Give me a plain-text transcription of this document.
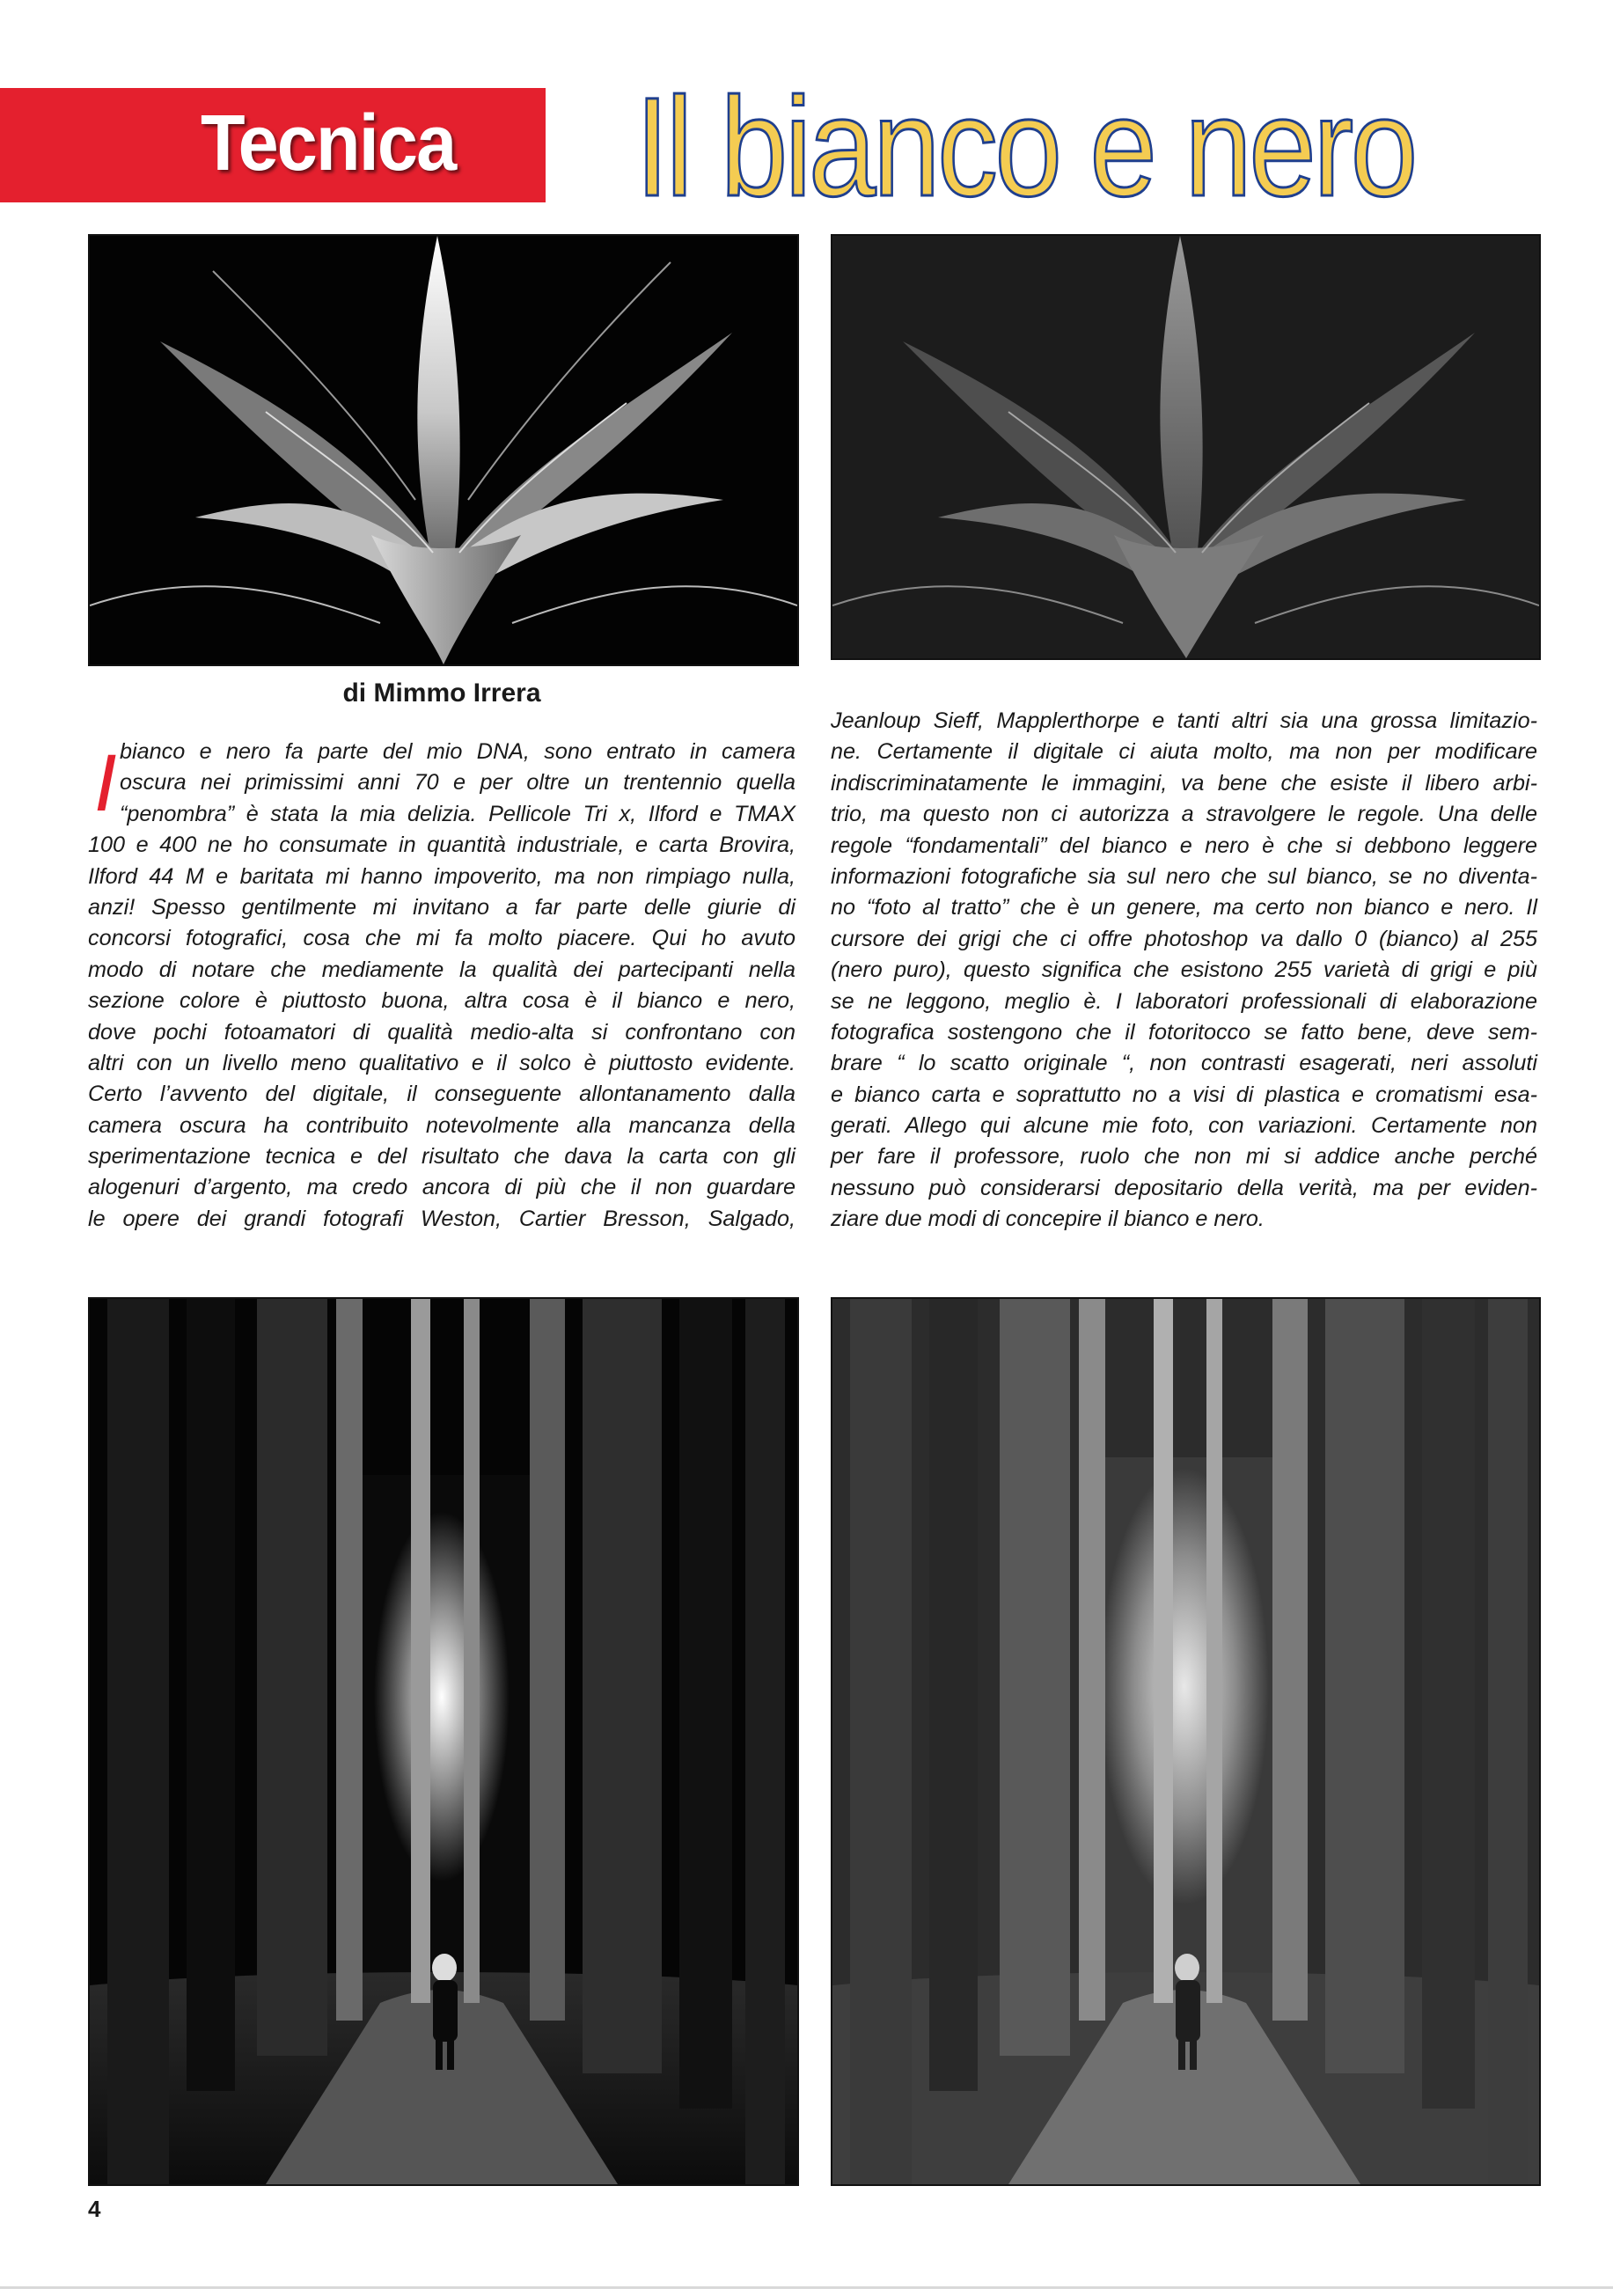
Tecnica Il bianco e nero
di Mimmo Irrera
I bianco e nero fa parte del mio DNA, sono entrato in camera
oscura nei primissimi anni 70 e per oltre un trentennio quella
“penombra” è stata la mia delizia. Pellicole Tri x, Ilford e TMAX
100 e 400 ne ho consumate in quantità industriale, e carta Brovira,
Ilford 44 M e baritata mi hanno impoverito, ma non rimpiago nulla,
anzi! Spesso gentilmente mi invitano a far parte delle giurie di
concorsi fotografici, cosa che mi fa molto piacere. Qui ho avuto
modo di notare che mediamente la qualità dei partecipanti nella
sezione colore è piuttosto buona, altra cosa è il bianco e nero,
dove pochi fotoamatori di qualità medio-alta si confrontano con
altri con un livello meno qualitativo e il solco è piuttosto evidente.
Certo l’avvento del digitale, il conseguente allontanamento dalla
camera oscura ha contribuito notevolmente alla mancanza della
sperimentazione tecnica e del risultato che dava la carta con gli
alogenuri d’argento, ma credo ancora di più che il non guardare
le opere dei grandi fotografi Weston, Cartier Bresson, Salgado,
Jeanloup Sieff, Mapplerthorpe e tanti altri sia una grossa limitazio-
ne. Certamente il digitale ci aiuta molto, ma non per modificare
indiscriminatamente le immagini, va bene che esiste il libero arbi-
trio, ma questo non ci autorizza a stravolgere le regole. Una delle
regole “fondamentali” del bianco e nero è che si debbono leggere
informazioni fotografiche sia sul nero che sul bianco, se no diventa-
no “foto al tratto” che è un genere, ma certo non bianco e nero. Il
cursore dei grigi che ci offre photoshop va dallo 0 (bianco) al 255
(nero puro), questo significa che esistono 255 varietà di grigi e più
se ne leggono, meglio è. I laboratori professionali di elaborazione
fotografica sostengono che il fotoritocco se fatto bene, deve sem-
brare “ lo scatto originale “, non contrasti esagerati, neri assoluti
e bianco carta e soprattutto no a visi di plastica e cromatismi esa-
gerati. Allego qui alcune mie foto, con variazioni. Certamente non
per fare il professore, ruolo che non mi si addice anche perché
nessuno può considerarsi depositario della verità, ma per eviden-
ziare due modi di concepire il bianco e nero.
4
